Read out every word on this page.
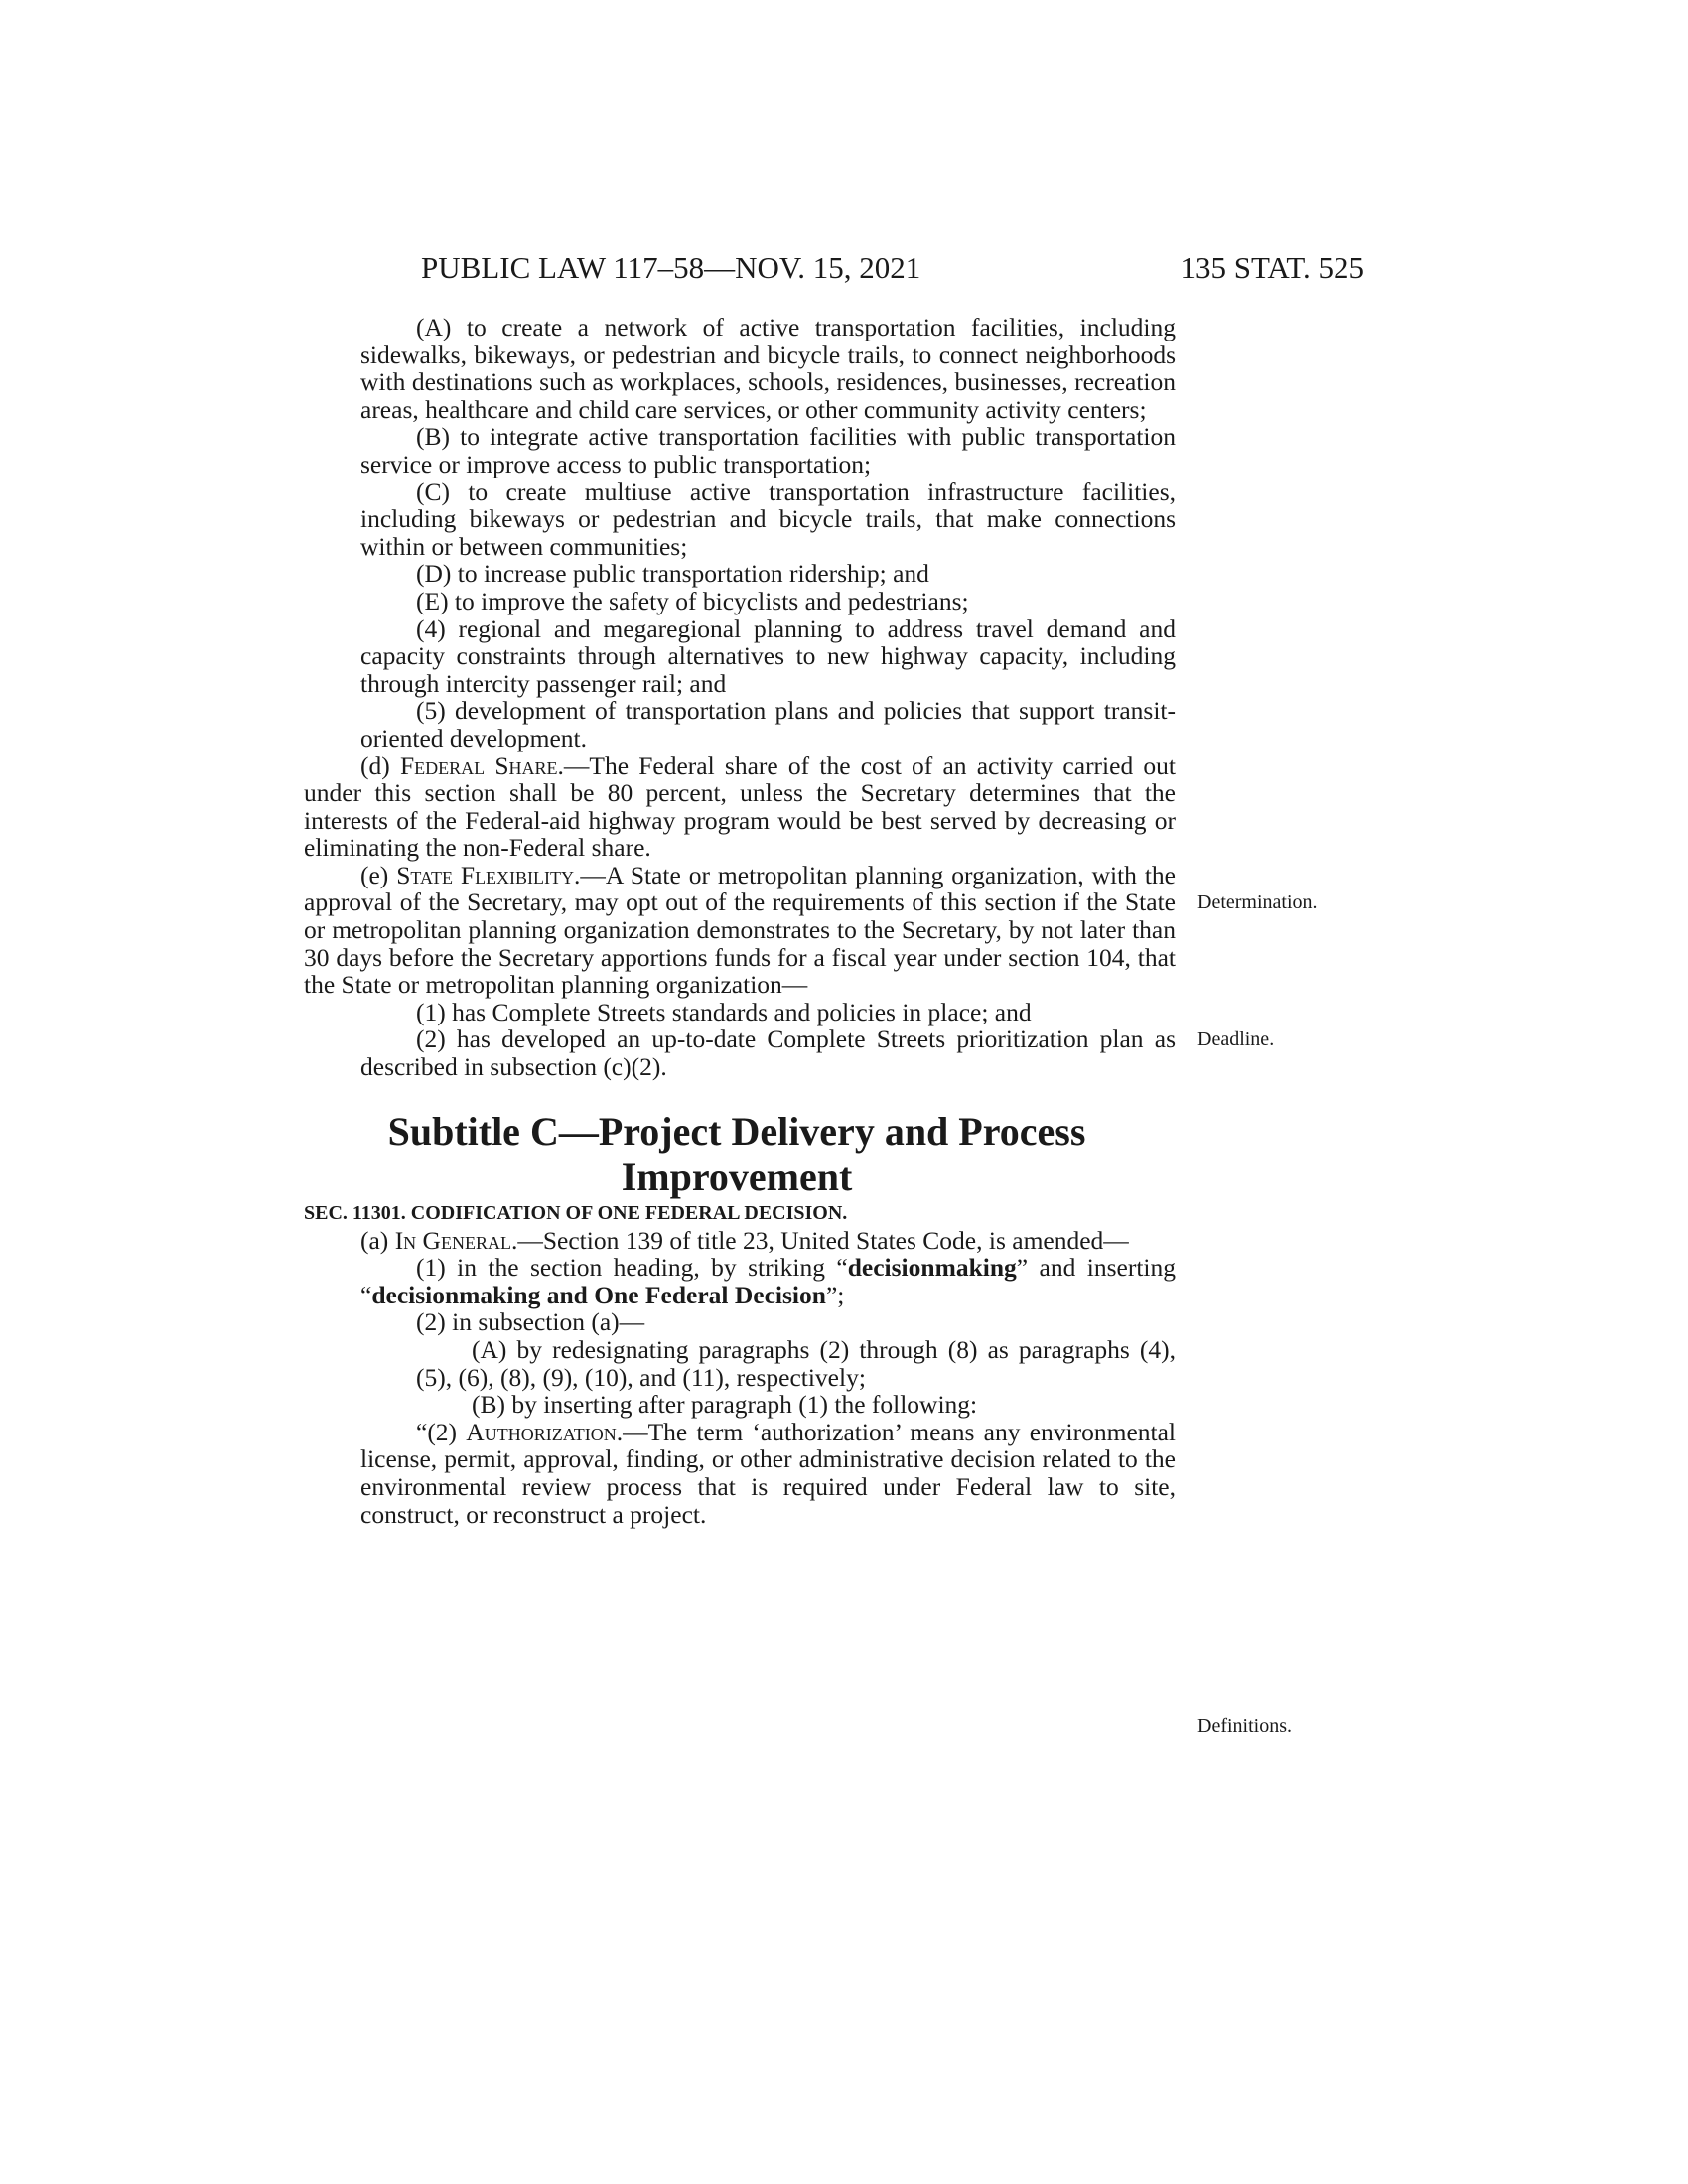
PUBLIC LAW 117–58—NOV. 15, 2021	135 STAT. 525

(A) to create a network of active transportation facilities, including sidewalks, bikeways, or pedestrian and bicycle trails, to connect neighborhoods with destinations such as workplaces, schools, residences, businesses, recreation areas, healthcare and child care services, or other community activity centers;

(B) to integrate active transportation facilities with public transportation service or improve access to public transportation;

(C) to create multiuse active transportation infrastructure facilities, including bikeways or pedestrian and bicycle trails, that make connections within or between communities;

(D) to increase public transportation ridership; and

(E) to improve the safety of bicyclists and pedestrians;

(4) regional and megaregional planning to address travel demand and capacity constraints through alternatives to new highway capacity, including through intercity passenger rail; and

(5) development of transportation plans and policies that support transit-oriented development.

(d) Federal Share.—The Federal share of the cost of an activity carried out under this section shall be 80 percent, unless the Secretary determines that the interests of the Federal-aid highway program would be best served by decreasing or eliminating the non-Federal share.

(e) State Flexibility.—A State or metropolitan planning organization, with the approval of the Secretary, may opt out of the requirements of this section if the State or metropolitan planning organization demonstrates to the Secretary, by not later than 30 days before the Secretary apportions funds for a fiscal year under section 104, that the State or metropolitan planning organization—

(1) has Complete Streets standards and policies in place; and

(2) has developed an up-to-date Complete Streets prioritization plan as described in subsection (c)(2).

Subtitle C—Project Delivery and Process
Improvement

SEC. 11301. CODIFICATION OF ONE FEDERAL DECISION.

(a) In General.—Section 139 of title 23, United States Code, is amended—

(1) in the section heading, by striking “decisionmaking” and inserting “decisionmaking and One Federal Decision”;

(2) in subsection (a)—

(A) by redesignating paragraphs (2) through (8) as paragraphs (4), (5), (6), (8), (9), (10), and (11), respectively;

(B) by inserting after paragraph (1) the following:

“(2) Authorization.—The term ‘authorization’ means any environmental license, permit, approval, finding, or other administrative decision related to the environmental review process that is required under Federal law to site, construct, or reconstruct a project.

Determination.
Deadline.
Definitions.
